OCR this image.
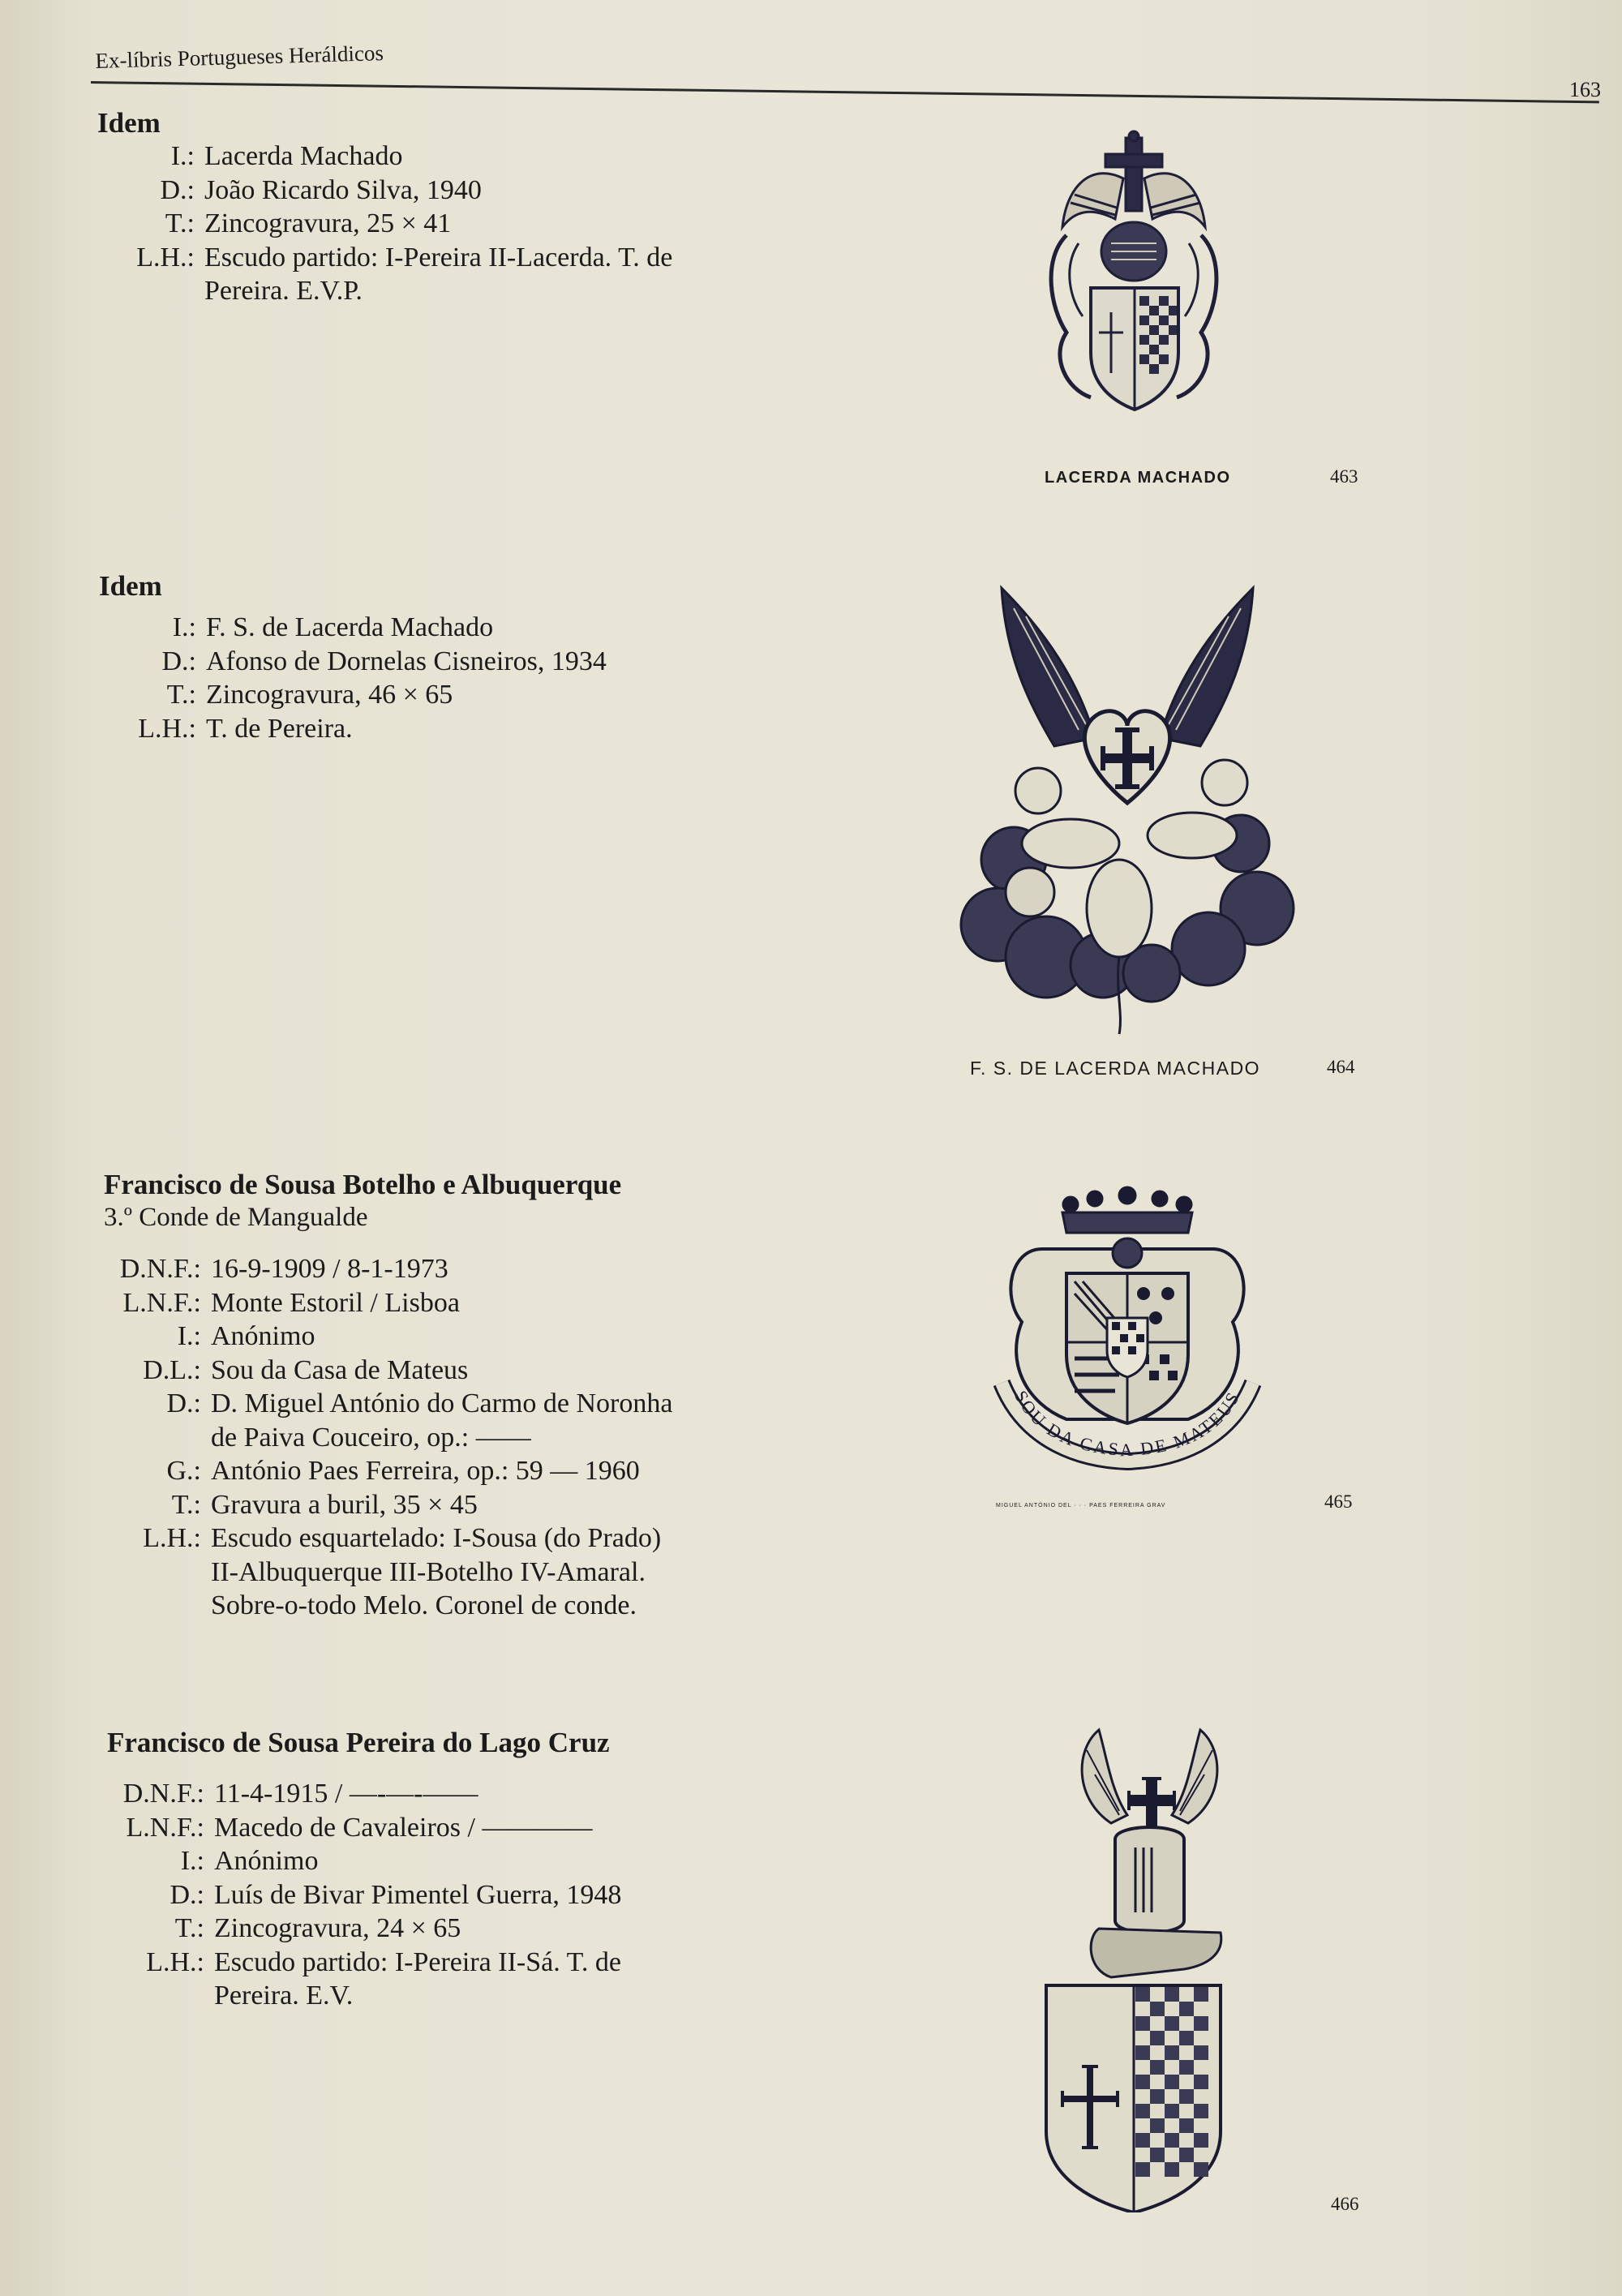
Ex-líbris Portugueses Heráldicos
163
Idem
I.:	Lacerda Machado
D.:	João Ricardo Silva, 1940
T.:	Zincogravura, 25 × 41
L.H.:	Escudo partido: I-Pereira II-Lacerda. T. de Pereira. E.V.P.
Idem
I.:	F. S. de Lacerda Machado
D.:	Afonso de Dornelas Cisneiros, 1934
T.:	Zincogravura, 46 × 65
L.H.:	T. de Pereira.
Francisco de Sousa Botelho e Albuquerque
3.º Conde de Mangualde
D.N.F.:	16-9-1909 / 8-1-1973
L.N.F.:	Monte Estoril / Lisboa
I.:	Anónimo
D.L.:	Sou da Casa de Mateus
D.:	D. Miguel António do Carmo de Noronha de Paiva Couceiro, op.: ——
G.:	António Paes Ferreira, op.: 59 — 1960
T.:	Gravura a buril, 35 × 45
L.H.:	Escudo esquartelado: I-Sousa (do Prado) II-Albuquerque III-Botelho IV-Amaral. Sobre-o-todo Melo. Coronel de conde.
Francisco de Sousa Pereira do Lago Cruz
D.N.F.:	11-4-1915 / —-—-——
L.N.F.:	Macedo de Cavaleiros / ————
I.:	Anónimo
D.:	Luís de Bivar Pimentel Guerra, 1948
T.:	Zincogravura, 24 × 65
L.H.:	Escudo partido: I-Pereira II-Sá. T. de Pereira. E.V.
LACERDA MACHADO	463
F. S. DE LACERDA MACHADO	464
SOU DA CASA DE MATEUS
MIGUEL ANTÓNIO DEL · · · PAES FERREIRA GRAV	465
466
